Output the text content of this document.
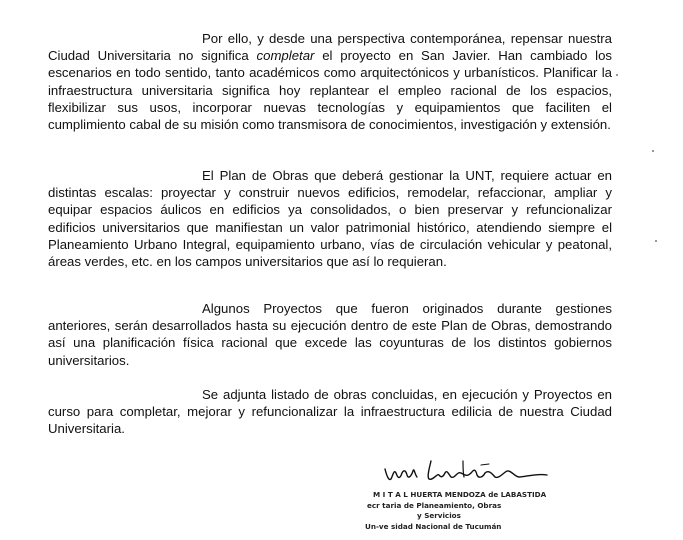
Por ello, y desde una perspectiva contemporánea, repensar nuestra Ciudad Universitaria no significa completar el proyecto en San Javier. Han cambiado los escenarios en todo sentido, tanto académicos como arquitectónicos y urbanísticos. Planificar la infraestructura universitaria significa hoy replantear el empleo racional de los espacios, flexibilizar sus usos, incorporar nuevas tecnologías y equipamientos que faciliten el cumplimiento cabal de su misión como transmisora de conocimientos, investigación y extensión.

El Plan de Obras que deberá gestionar la UNT, requiere actuar en distintas escalas: proyectar y construir nuevos edificios, remodelar, refaccionar, ampliar y equipar espacios áulicos en edificios ya consolidados, o bien preservar y refuncionalizar edificios universitarios que manifiestan un valor patrimonial histórico, atendiendo siempre el Planeamiento Urbano Integral, equipamiento urbano, vías de circulación vehicular y peatonal, áreas verdes, etc. en los campos universitarios que así lo requieran.

Algunos Proyectos que fueron originados durante gestiones anteriores, serán desarrollados hasta su ejecución dentro de este Plan de Obras, demostrando así una planificación física racional que excede las coyunturas de los distintos gobiernos universitarios.

Se adjunta listado de obras concluidas, en ejecución y Proyectos en curso para completar, mejorar y refuncionalizar la infraestructura edilicia de nuestra Ciudad Universitaria.

M I T A L HUERTA MENDOZA de LABASTIDA
ecr taria de Planeamiento, Obras
y Servicios
Un-ve sidad Nacional de Tucumán
